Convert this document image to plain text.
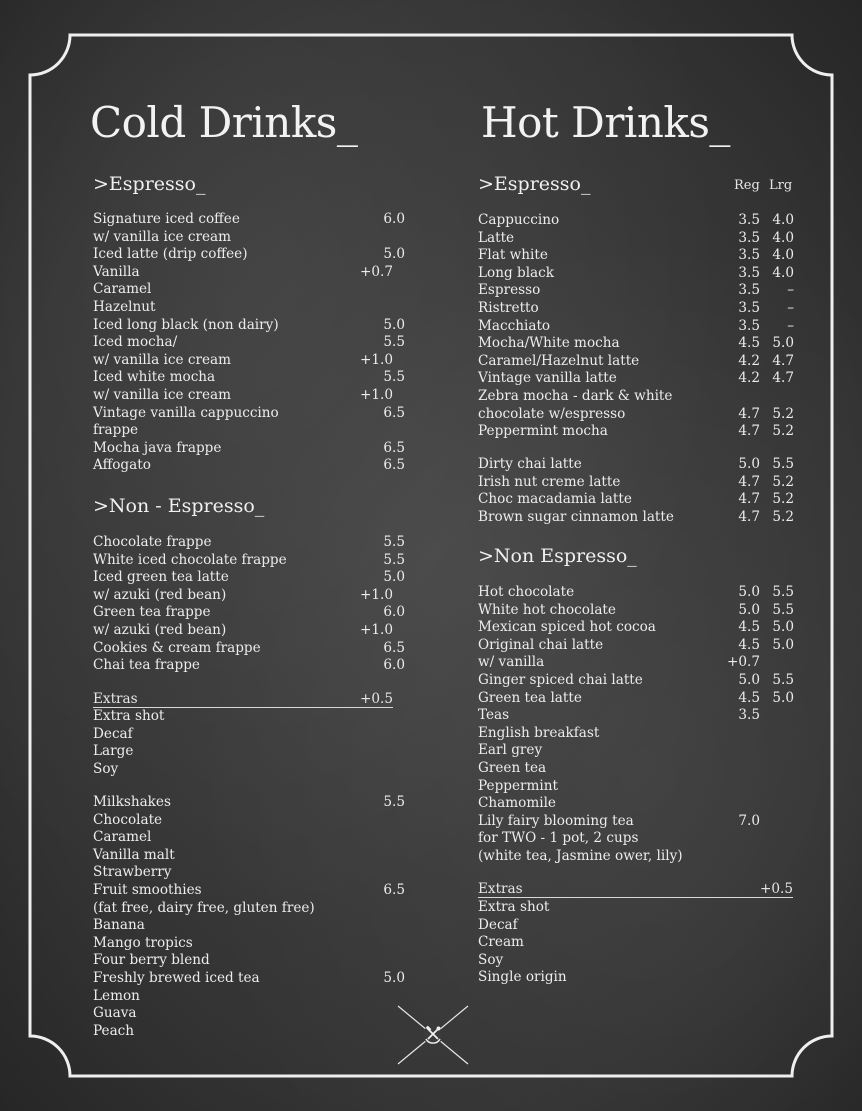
Cold Drinks_
>Espresso_
Signature iced coffee	6.0
w/ vanilla ice cream
Iced latte (drip coffee)	5.0
Vanilla	+0.7
Caramel
Hazelnut
Iced long black (non dairy)	5.0
Iced mocha/	5.5
w/ vanilla ice cream	+1.0
Iced white mocha	5.5
w/ vanilla ice cream	+1.0
Vintage vanilla cappuccino	6.5
frappe
Mocha java frappe	6.5
Affogato	6.5
>Non - Espresso_
Chocolate frappe	5.5
White iced chocolate frappe	5.5
Iced green tea latte	5.0
w/ azuki (red bean)	+1.0
Green tea frappe	6.0
w/ azuki (red bean)	+1.0
Cookies & cream frappe	6.5
Chai tea frappe	6.0
Extras	+0.5
Extra shot
Decaf
Large
Soy
Milkshakes	5.5
Chocolate
Caramel
Vanilla malt
Strawberry
Fruit smoothies	6.5
(fat free, dairy free, gluten free)
Banana
Mango tropics
Four berry blend
Freshly brewed iced tea	5.0
Lemon
Guava
Peach
Hot Drinks_
>Espresso_	Reg Lrg
Cappuccino	3.5 4.0
Latte	3.5 4.0
Flat white	3.5 4.0
Long black	3.5 4.0
Espresso	3.5	–
Ristretto	3.5	–
Macchiato	3.5	–
Mocha/White mocha	4.5 5.0
Caramel/Hazelnut latte	4.2 4.7
Vintage vanilla latte	4.2 4.7
Zebra mocha - dark & white
chocolate w/espresso	4.7 5.2
Peppermint mocha	4.7 5.2
Dirty chai latte	5.0 5.5
Irish nut creme latte	4.7 5.2
Choc macadamia latte	4.7 5.2
Brown sugar cinnamon latte	4.7 5.2
>Non Espresso_
Hot chocolate	5.0 5.5
White hot chocolate	5.0 5.5
Mexican spiced hot cocoa	4.5 5.0
Original chai latte	4.5 5.0
w/ vanilla	+0.7
Ginger spiced chai latte	5.0 5.5
Green tea latte	4.5 5.0
Teas	3.5
English breakfast
Earl grey
Green tea
Peppermint
Chamomile
Lily fairy blooming tea	7.0
for TWO - 1 pot, 2 cups
(white tea, Jasmine ower, lily)
Extras	+0.5
Extra shot
Decaf
Cream
Soy
Single origin
